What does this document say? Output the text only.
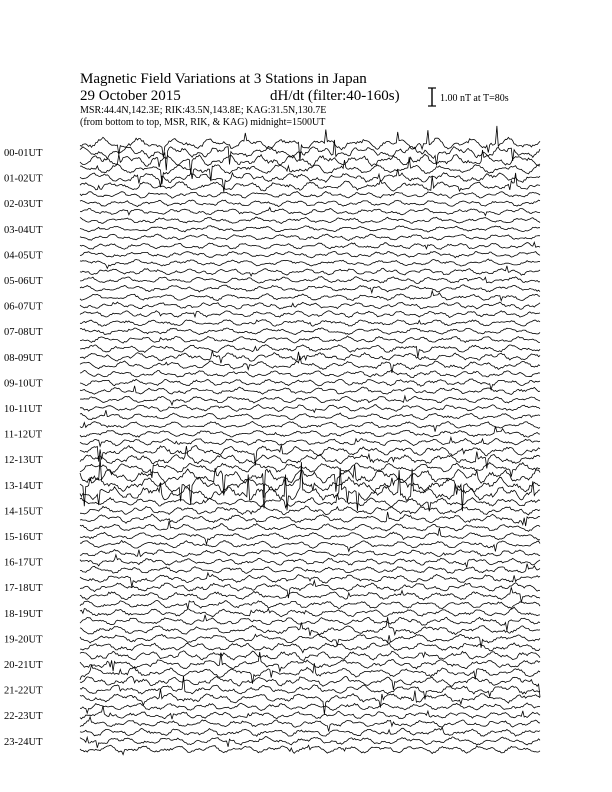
Magnetic Field Variations at 3 Stations in Japan
29 October 2015	dH/dt (filter:40-160s)
MSR:44.4N,142.3E; RIK:43.5N,143.8E; KAG:31.5N,130.7E
(from bottom to top, MSR, RIK, & KAG) midnight=1500UT
1.00 nT at T=80s
00-01UT
01-02UT
02-03UT
03-04UT
04-05UT
05-06UT
06-07UT
07-08UT
08-09UT
09-10UT
10-11UT
11-12UT
12-13UT
13-14UT
14-15UT
15-16UT
16-17UT
17-18UT
18-19UT
19-20UT
20-21UT
21-22UT
22-23UT
23-24UT
